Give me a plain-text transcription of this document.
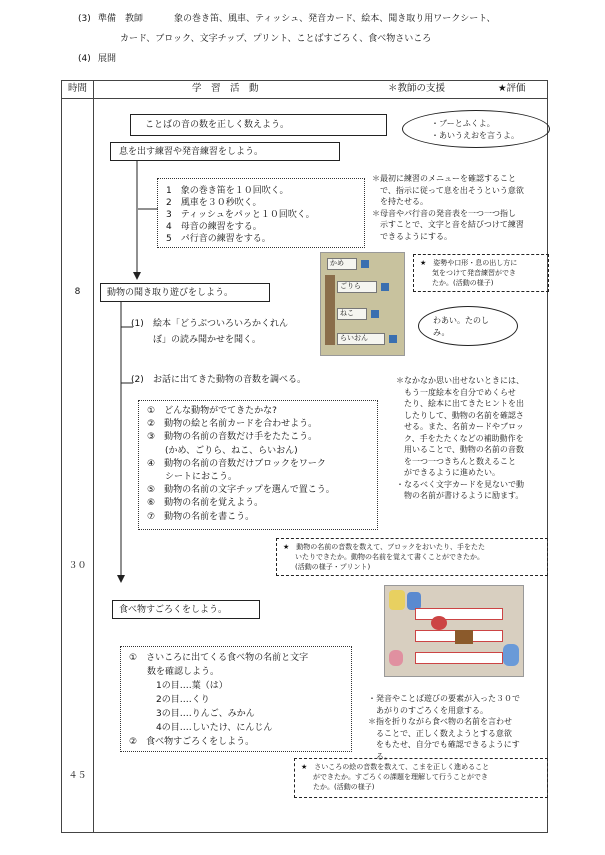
(3) 準備　教師	象の巻き笛、風車、ティッシュ、発音カード、絵本、聞き取り用ワークシート、
カード、ブロック、文字チップ、プリント、ことばすごろく、食べ物さいころ
(4) 展開
時間	学　習　活　動	＊教師の支援	★評価
8
３０
４５
ことばの音の数を正しく数えよう。	・ブーとふくよ。
・あいうえおを言うよ。
息を出す練習や発音練習をしよう。
1　象の巻き笛を１０回吹く。
2　風車を３０秒吹く。
3　ティッシュをパッと１０回吹く。
4　母音の練習をする。
5　パ行音の練習をする。
＊最初に練習のメニューを確認すること
で、指示に従って息を出そうという意欲
を持たせる。
＊母音やパ行音の発音表を一つ一つ指し
示すことで、文字と音を結びつけて練習
できるようにする。
かめ
ごりら
ねこ
らいおん
★　姿勢や口形・息の出し方に
気をつけて発音練習ができ
たか。(活動の様子)
動物の聞き取り遊びをしよう。
(1) 絵本「どうぶついろいろかくれん
ぼ」の読み聞かせを聞く。
わあい。たのし
み。
(2) お話に出てきた動物の音数を調べる。
①　どんな動物がでてきたかな?
②　動物の絵と名前カードを合わせよう。
③　動物の名前の音数だけ手をたたこう。
　　(かめ、ごりら、ねこ、らいおん)
④　動物の名前の音数だけブロックをワーク
　　シートにおこう。
⑤　動物の名前の文字チップを選んで置こう。
⑥　動物の名前を覚えよう。
⑦　動物の名前を書こう。
＊なかなか思い出せないときには、
もう一度絵本を自分でめくらせ
たり、絵本に出てきたヒントを出
したりして、動物の名前を確認さ
せる。また、名前カードやブロッ
ク、手をたたくなどの補助動作を
用いることで、動物の名前の音数
を一つ一つきちんと数えること
ができるように進めたい。
・なるべく文字カードを見ないで動
物の名前が書けるように励ます。
★　動物の名前の音数を数えて、ブロックをおいたり、手をたた
いたりできたか。動物の名前を覚えて書くことができたか。
(活動の様子・プリント)
食べ物すごろくをしよう。
①　さいころに出てくる食べ物の名前と文字
　　数を確認しよう。
　　　1の目‥‥葉（は）
　　　2の目‥‥くり
　　　3の目‥‥りんご、みかん
　　　4の目‥‥しいたけ、にんじん
②　食べ物すごろくをしよう。
・発音やことば遊びの要素が入った３０で
あがりのすごろくを用意する。
＊指を折りながら食べ物の名前を言わせ
ることで、正しく数えようとする意欲
をもたせ、自分でも確認できるようにす
る。
★　さいころの絵の音数を数えて、こまを正しく進めること
ができたか。すごろくの課題を理解して行うことができ
たか。(活動の様子)
